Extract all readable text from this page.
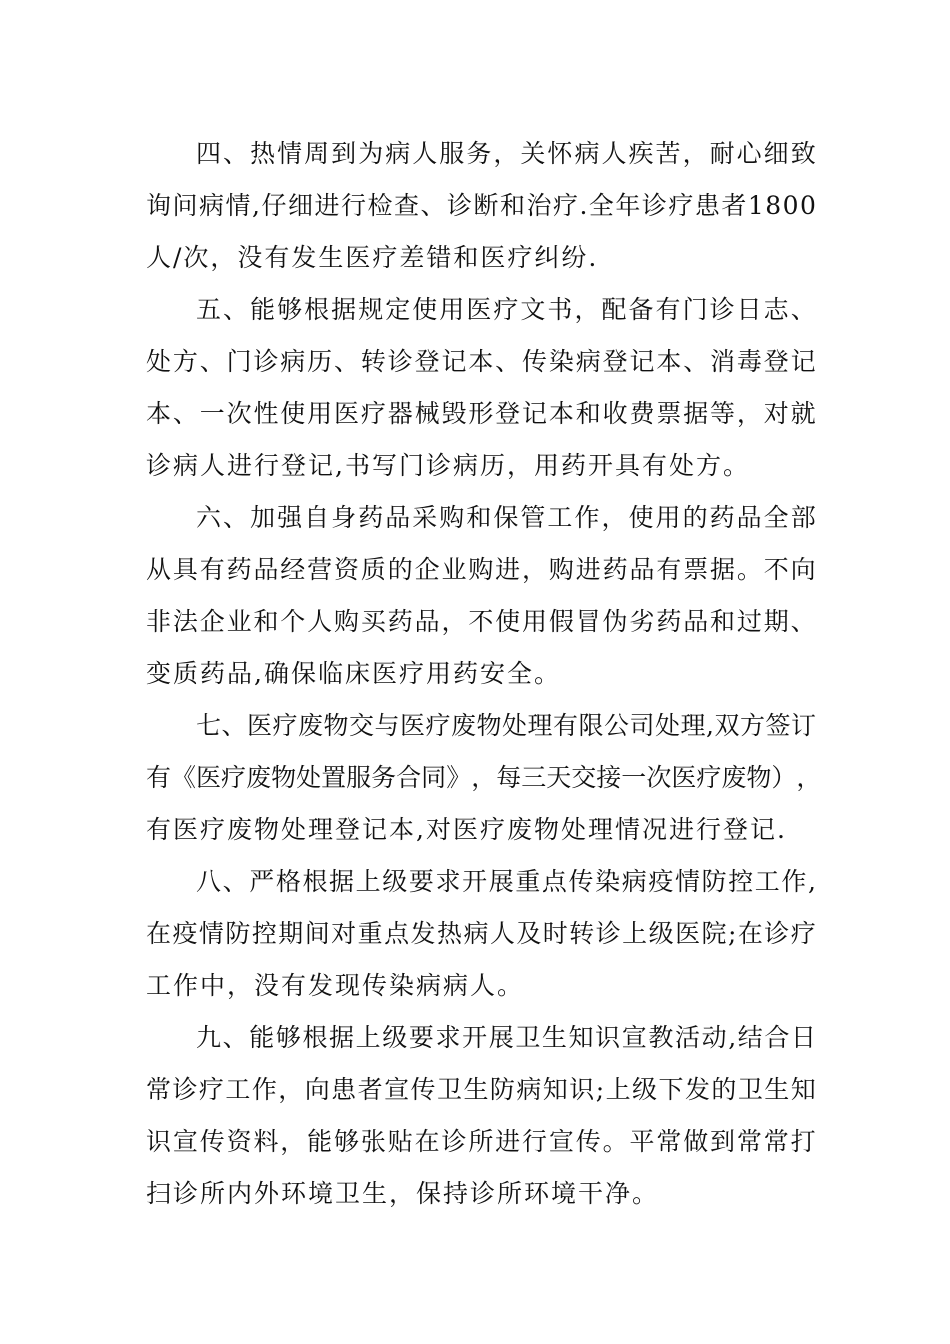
四 、 热 情 周 到 为 病 人 服 务 ， 关 怀 病 人 疾 苦 ， 耐 心 细 致
询 问 病 情 , 仔 细 进 行 检 查 、 诊 断 和 治 疗 . 全 年 诊 疗 患 者 1 8 0 0
人/次，没有发生医疗差错和医疗纠纷.
五 、 能 够 根 据 规 定 使 用 医 疗 文 书 ， 配 备 有 门 诊 日 志 、
处 方 、 门 诊 病 历 、 转 诊 登 记 本 、 传 染 病 登 记 本 、 消 毒 登 记
本 、 一 次 性 使 用 医 疗 器 械 毁 形 登 记 本 和 收 费 票 据 等 ， 对 就
诊病人进行登记,书写门诊病历，用药开具有处方。
六 、 加 强 自 身 药 品 采 购 和 保 管 工 作 ， 使 用 的 药 品 全 部
从 具 有 药 品 经 营 资 质 的 企 业 购 进 ， 购 进 药 品 有 票 据 。 不 向
非 法 企 业 和 个 人 购 买 药 品 ， 不 使 用 假 冒 伪 劣 药 品 和 过 期 、
变质药品,确保临床医疗用药安全。
七 、 医 疗 废 物 交 与 医 疗 废 物 处 理 有 限 公 司 处 理 , 双 方 签 订
有 《 医 疗 废 物 处 置 服 务 合 同 》 ， 每 三 天 交 接 一 次 医 疗 废 物 ） ，
有医疗废物处理登记本,对医疗废物处理情况进行登记.
八 、 严 格 根 据 上 级 要 求 开 展 重 点 传 染 病 疫 情 防 控 工 作 ,
在 疫 情 防 控 期 间 对 重 点 发 热 病 人 及 时 转 诊 上 级 医 院 ; 在 诊 疗
工作中，没有发现传染病病人。
九 、 能 够 根 据 上 级 要 求 开 展 卫 生 知 识 宣 教 活 动 , 结 合 日
常 诊 疗 工 作 ， 向 患 者 宣 传 卫 生 防 病 知 识 ; 上 级 下 发 的 卫 生 知
识 宣 传 资 料 ， 能 够 张 贴 在 诊 所 进 行 宣 传 。 平 常 做 到 常 常 打
扫诊所内外环境卫生，保持诊所环境干净。
